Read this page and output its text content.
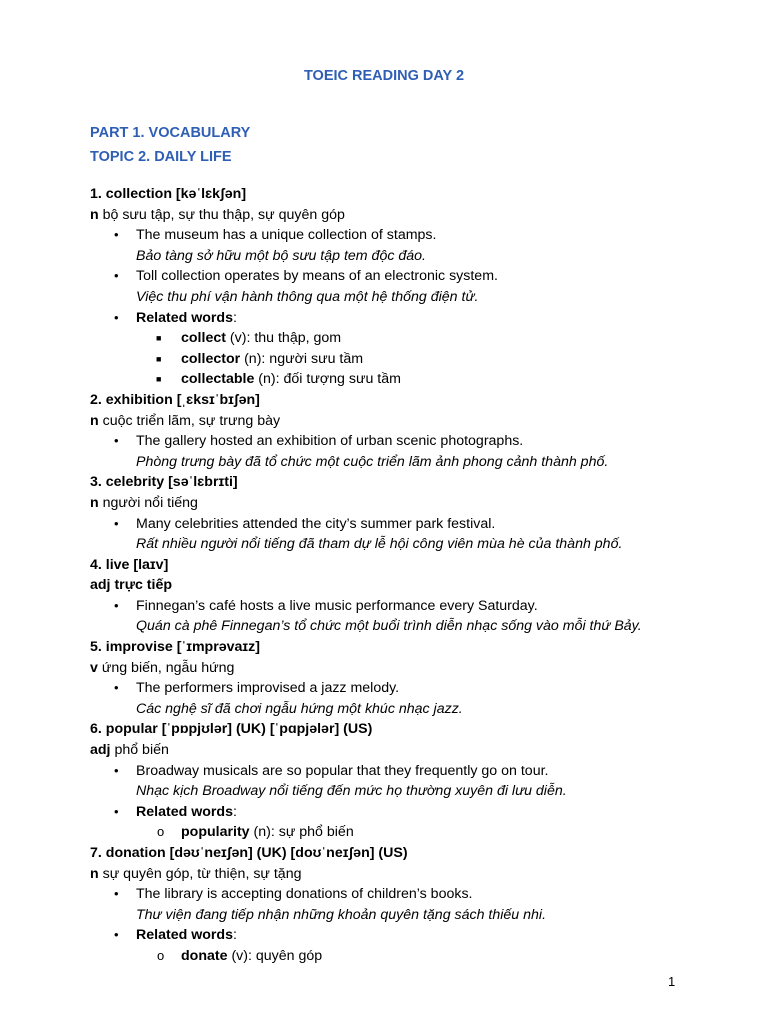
TOEIC READING DAY 2
PART 1. VOCABULARY
TOPIC 2. DAILY LIFE
1. collection [kəˈlɛkʃən]
n bộ sưu tập, sự thu thập, sự quyên góp
• The museum has a unique collection of stamps.
Bảo tàng sở hữu một bộ sưu tập tem độc đáo.
• Toll collection operates by means of an electronic system.
Việc thu phí vận hành thông qua một hệ thống điện tử.
• Related words:
■ collect (v): thu thập, gom
■ collector (n): người sưu tầm
■ collectable (n): đối tượng sưu tầm
2. exhibition [ˌɛksɪˈbɪʃən]
n cuộc triển lãm, sự trưng bày
• The gallery hosted an exhibition of urban scenic photographs.
Phòng trưng bày đã tổ chức một cuộc triển lãm ảnh phong cảnh thành phố.
3. celebrity [səˈlɛbrɪti]
n người nổi tiếng
• Many celebrities attended the city’s summer park festival.
Rất nhiều người nổi tiếng đã tham dự lễ hội công viên mùa hè của thành phố.
4. live [laɪv]
adj trực tiếp
• Finnegan’s café hosts a live music performance every Saturday.
Quán cà phê Finnegan’s tổ chức một buổi trình diễn nhạc sống vào mỗi thứ Bảy.
5. improvise [ˈɪmprəvaɪz]
v ứng biến, ngẫu hứng
• The performers improvised a jazz melody.
Các nghệ sĩ đã chơi ngẫu hứng một khúc nhạc jazz.
6. popular [ˈpɒpjʊlər] (UK) [ˈpɑpjələr] (US)
adj phổ biến
• Broadway musicals are so popular that they frequently go on tour.
Nhạc kịch Broadway nổi tiếng đến mức họ thường xuyên đi lưu diễn.
• Related words:
o popularity (n): sự phổ biến
7. donation [dəʊˈneɪʃən] (UK) [doʊˈneɪʃən] (US)
n sự quyên góp, từ thiện, sự tặng
• The library is accepting donations of children’s books.
Thư viện đang tiếp nhận những khoản quyên tặng sách thiếu nhi.
• Related words:
o donate (v): quyên góp
1
